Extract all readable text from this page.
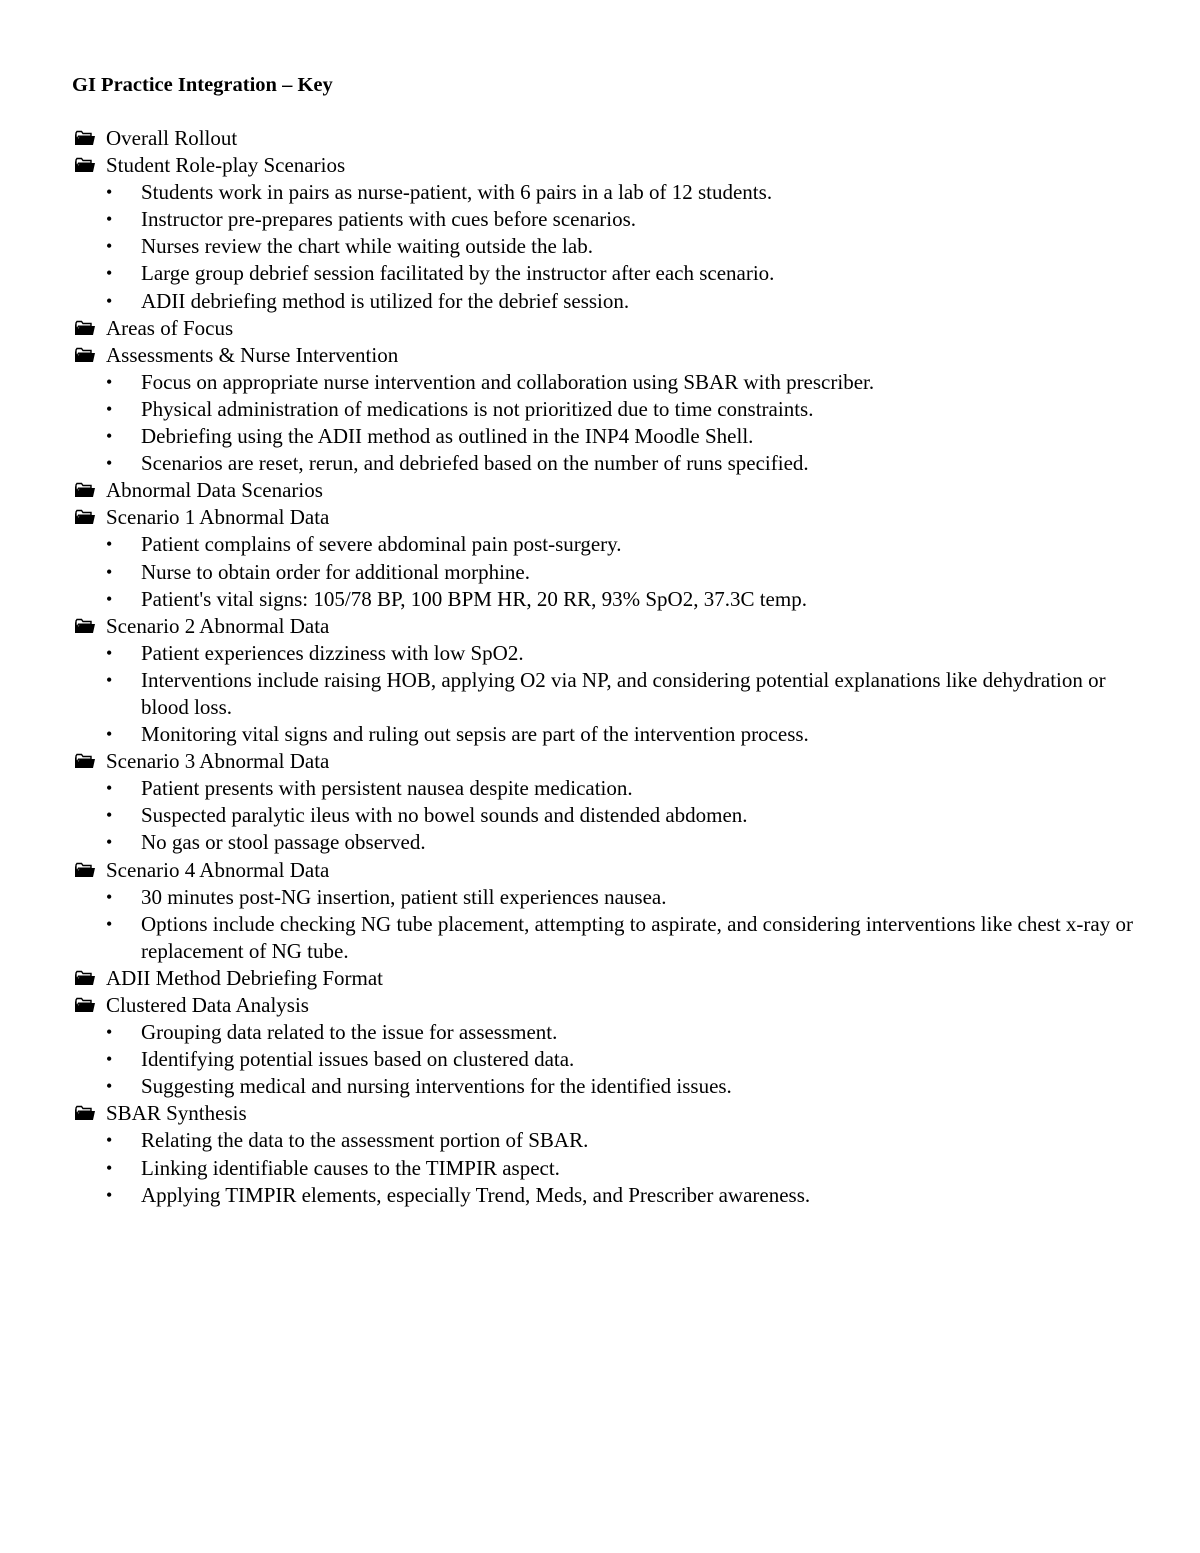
GI Practice Integration – Key
Overall Rollout
Student Role-play Scenarios
•	Students work in pairs as nurse-patient, with 6 pairs in a lab of 12 students.
•	Instructor pre-prepares patients with cues before scenarios.
•	Nurses review the chart while waiting outside the lab.
•	Large group debrief session facilitated by the instructor after each scenario.
•	ADII debriefing method is utilized for the debrief session.
Areas of Focus
Assessments & Nurse Intervention
•	Focus on appropriate nurse intervention and collaboration using SBAR with prescriber.
•	Physical administration of medications is not prioritized due to time constraints.
•	Debriefing using the ADII method as outlined in the INP4 Moodle Shell.
•	Scenarios are reset, rerun, and debriefed based on the number of runs specified.
Abnormal Data Scenarios
Scenario 1 Abnormal Data
•	Patient complains of severe abdominal pain post-surgery.
•	Nurse to obtain order for additional morphine.
•	Patient's vital signs: 105/78 BP, 100 BPM HR, 20 RR, 93% SpO2, 37.3C temp.
Scenario 2 Abnormal Data
•	Patient experiences dizziness with low SpO2.
•	Interventions include raising HOB, applying O2 via NP, and considering potential explanations like dehydration or blood loss.
•	Monitoring vital signs and ruling out sepsis are part of the intervention process.
Scenario 3 Abnormal Data
•	Patient presents with persistent nausea despite medication.
•	Suspected paralytic ileus with no bowel sounds and distended abdomen.
•	No gas or stool passage observed.
Scenario 4 Abnormal Data
•	30 minutes post-NG insertion, patient still experiences nausea.
•	Options include checking NG tube placement, attempting to aspirate, and considering interventions like chest x-ray or replacement of NG tube.
ADII Method Debriefing Format
Clustered Data Analysis
•	Grouping data related to the issue for assessment.
•	Identifying potential issues based on clustered data.
•	Suggesting medical and nursing interventions for the identified issues.
SBAR Synthesis
•	Relating the data to the assessment portion of SBAR.
•	Linking identifiable causes to the TIMPIR aspect.
•	Applying TIMPIR elements, especially Trend, Meds, and Prescriber awareness.
